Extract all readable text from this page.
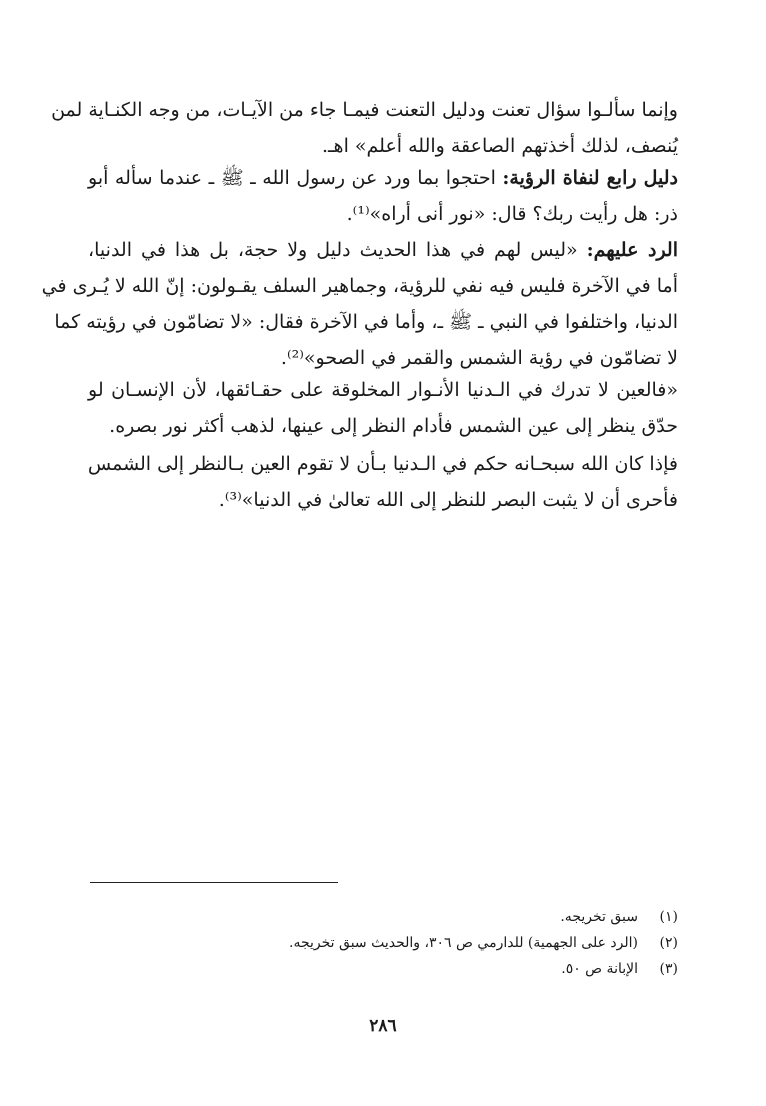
وإنما سألـوا سؤال تعنت ودليل التعنت فيمـا جاء من الآيـات، من وجه الكنـاية لمن
يُنصف، لذلك أخذتهم الصاعقة والله أعلم» اهـ.
دليل رابع لنفاة الرؤية: احتجوا بما ورد عن رسول الله ـ ﷺ ـ عندما سأله أبو
ذر: هل رأيت ربك؟ قال: «نور أنى أراه»⁽¹⁾.
الرد عليهم: «ليس لهم في هذا الحديث دليل ولا حجة، بل هذا في الدنيا،
أما في الآخرة فليس فيه نفي للرؤية، وجماهير السلف يقـولون: إنّ الله لا يُـرى في
الدنيا، واختلفوا في النبي ـ ﷺ ـ، وأما في الآخرة فقال: «لا تضامّون في رؤيته كما
لا تضامّون في رؤية الشمس والقمر في الصحو»⁽²⁾.
«فالعين لا تدرك في الـدنيا الأنـوار المخلوقة على حقـائقها، لأن الإنسـان لو
حدّق ينظر إلى عين الشمس فأدام النظر إلى عينها، لذهب أكثر نور بصره.
فإذا كان الله سبحـانه حكم في الـدنيا بـأن لا تقوم العين بـالنظر إلى الشمس
فأحرى أن لا يثبت البصر للنظر إلى الله تعالىٰ في الدنيا»⁽³⁾.
(١)سبق تخريجه.
(٢)(الرد على الجهمية) للدارمي ص ٣٠٦، والحديث سبق تخريجه.
(٣)الإبانة ص ٥٠.
٢٨٦
